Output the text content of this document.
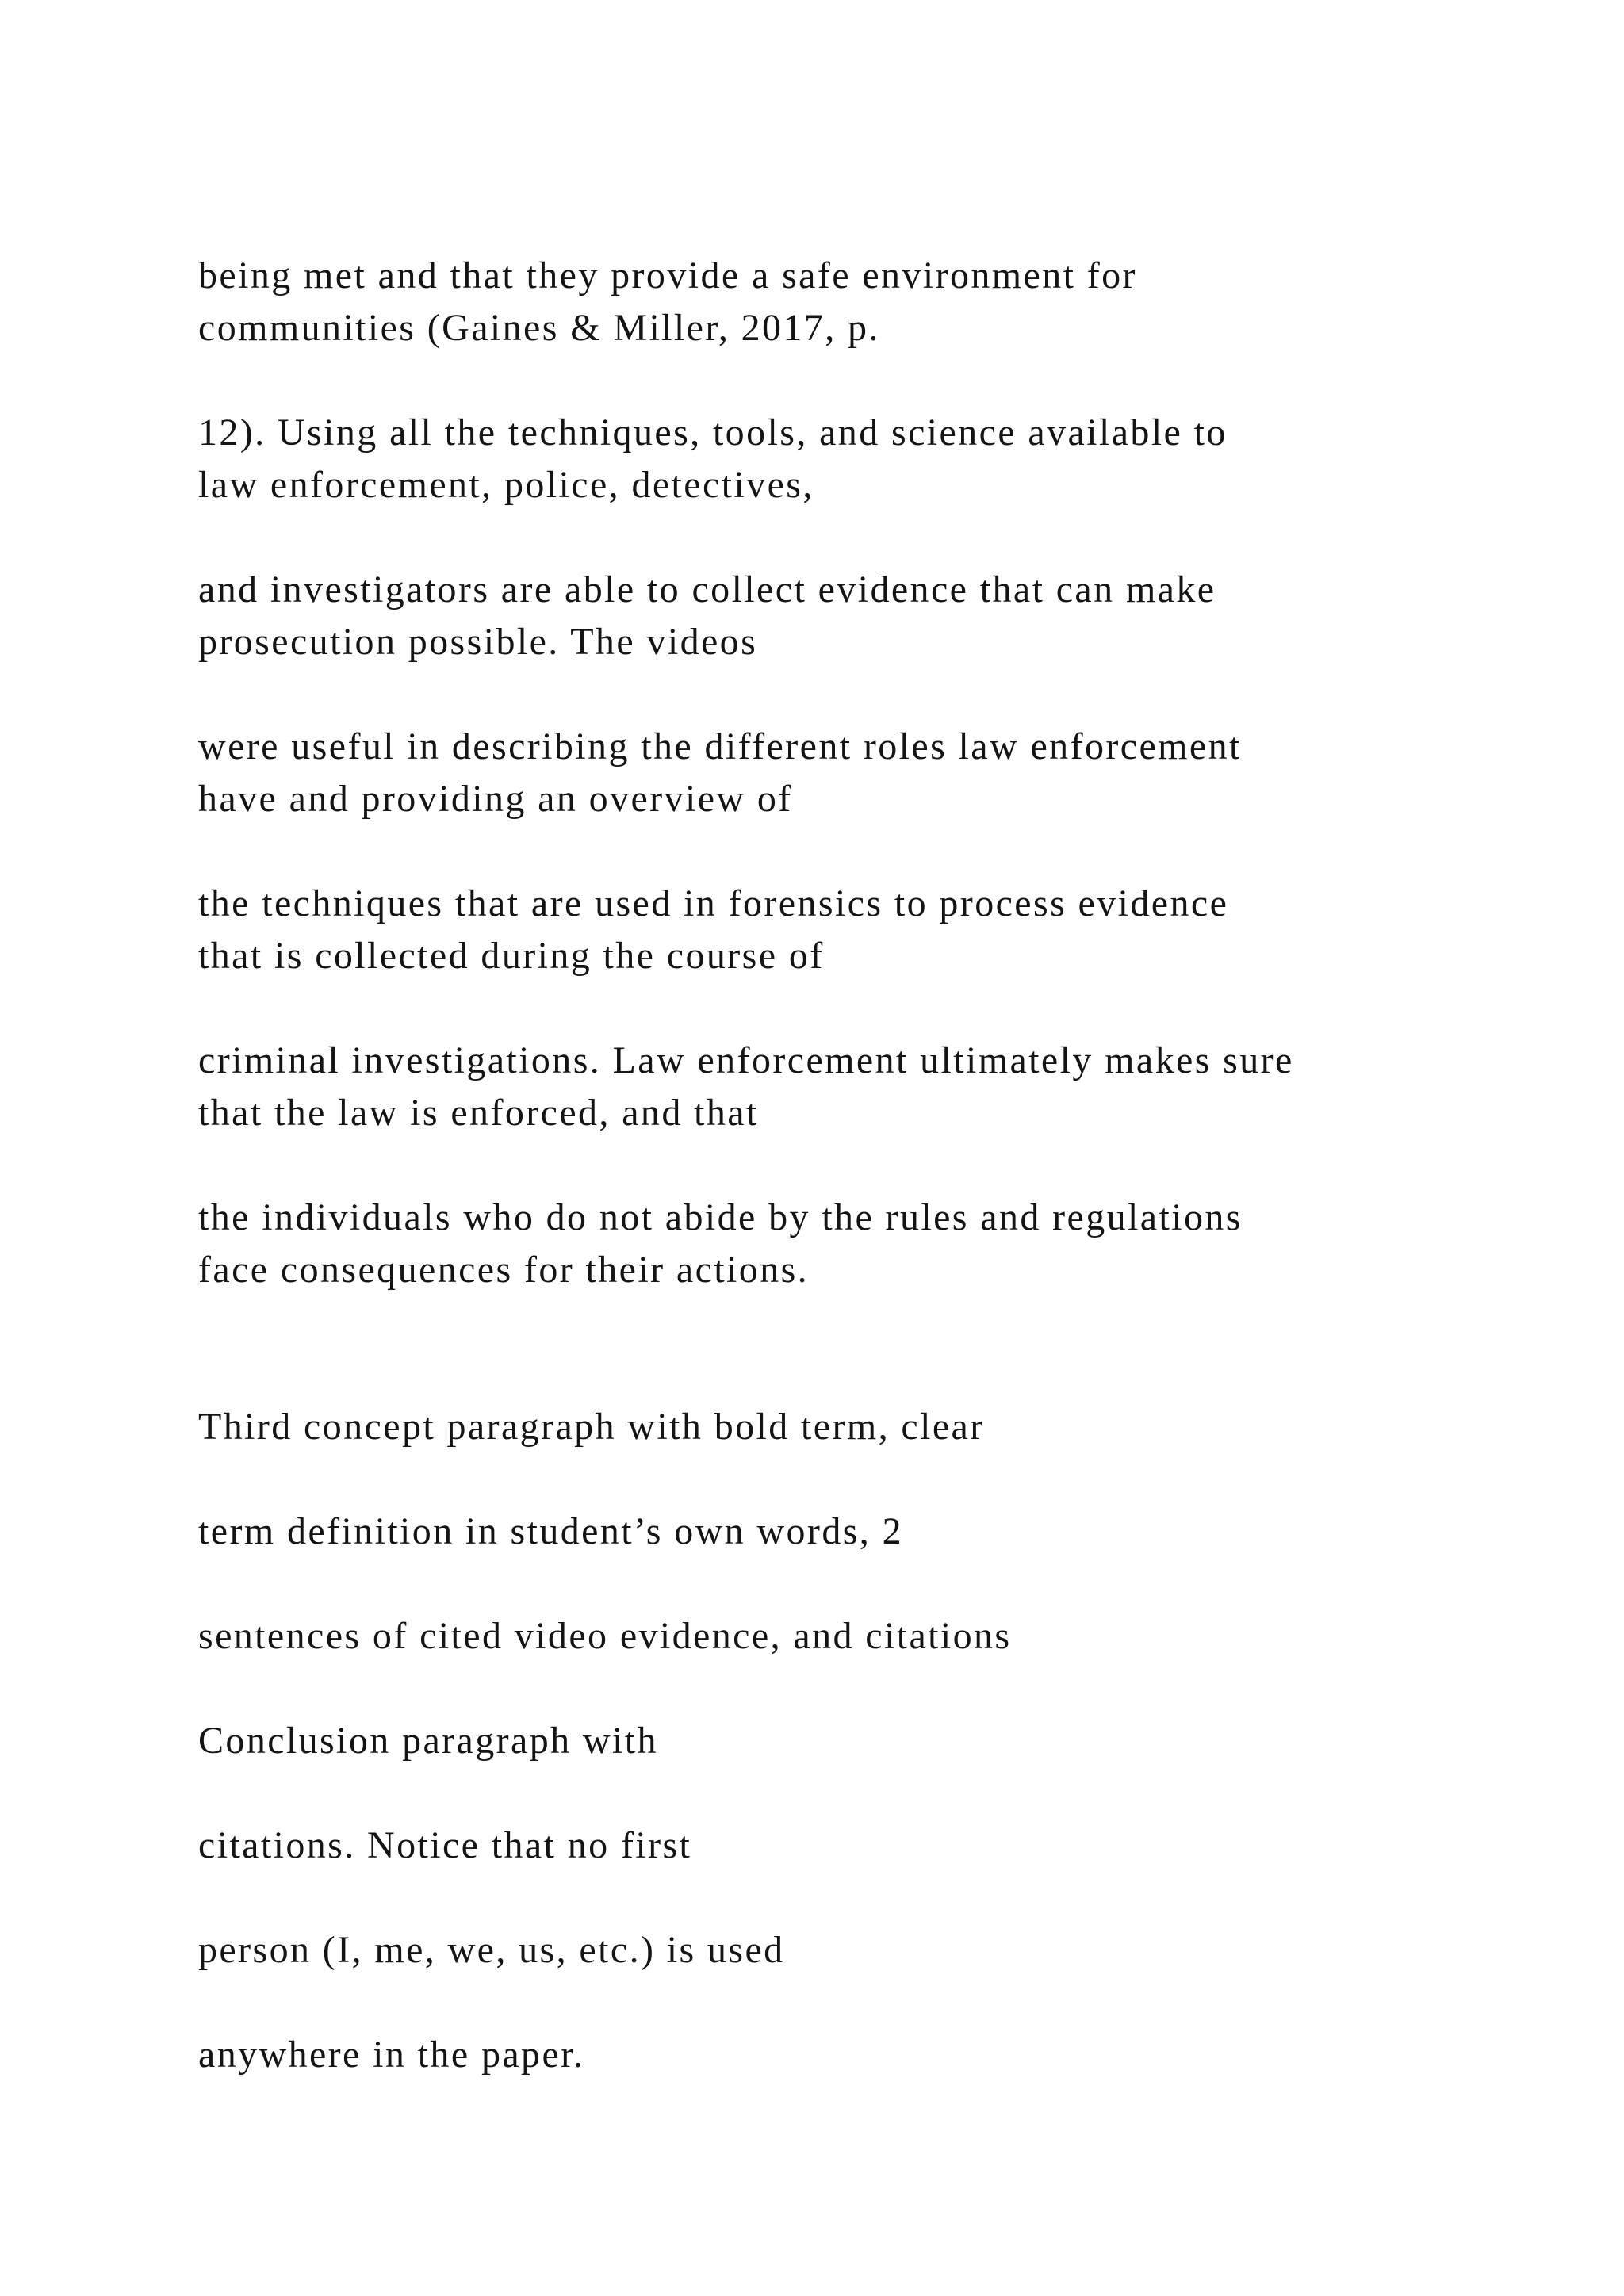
being met and that they provide a safe environment for

communities (Gaines & Miller, 2017, p.

12). Using all the techniques, tools, and science available to

law enforcement, police, detectives,

and investigators are able to collect evidence that can make

prosecution possible. The videos

were useful in describing the different roles law enforcement

have and providing an overview of

the techniques that are used in forensics to process evidence

that is collected during the course of

criminal investigations. Law enforcement ultimately makes sure

that the law is enforced, and that

the individuals who do not abide by the rules and regulations

face consequences for their actions.

Third concept paragraph with bold term, clear

term definition in student’s own words, 2

sentences of cited video evidence, and citations

Conclusion paragraph with

citations. Notice that no first

person (I, me, we, us, etc.) is used

anywhere in the paper.
